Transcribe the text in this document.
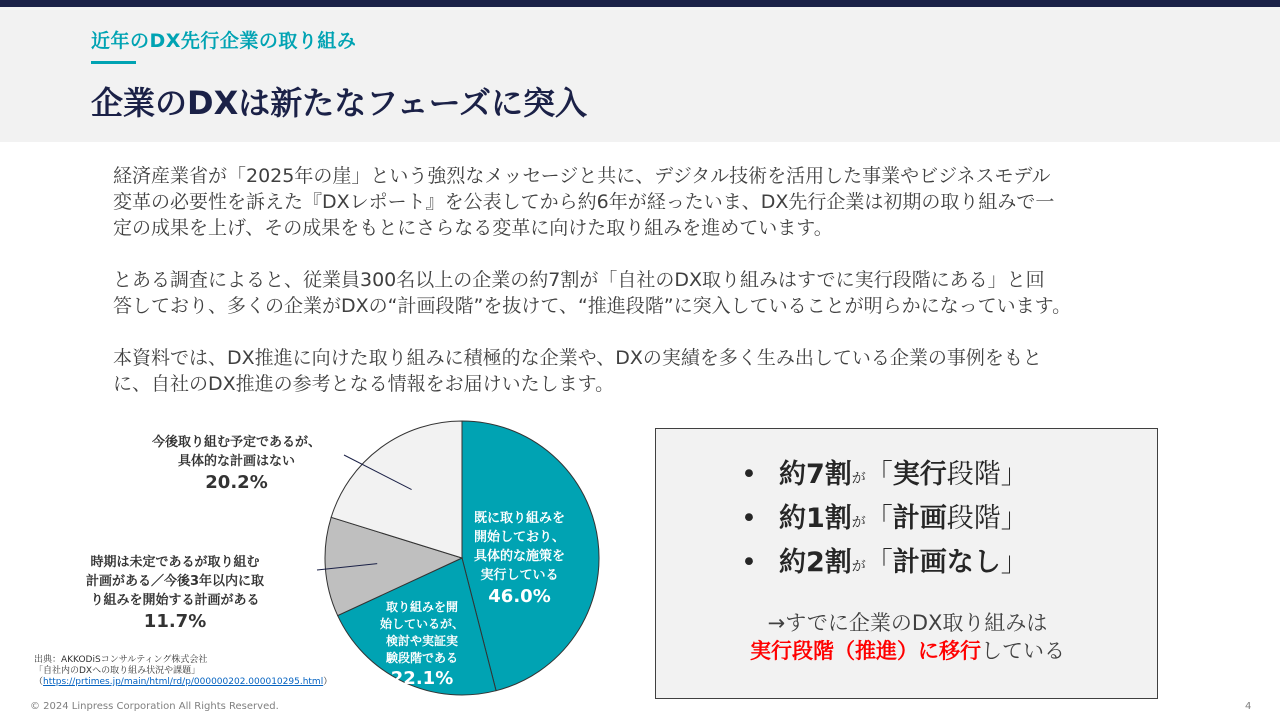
近年のDX先行企業の取り組み
企業のDXは新たなフェーズに突入

経済産業省が「2025年の崖」という強烈なメッセージと共に、デジタル技術を活用した事業やビジネスモデル
変革の必要性を訴えた『DXレポート』を公表してから約6年が経ったいま、DX先行企業は初期の取り組みで一
定の成果を上げ、その成果をもとにさらなる変革に向けた取り組みを進めています。

とある調査によると、従業員300名以上の企業の約7割が「自社のDX取り組みはすでに実行段階にある」と回
答しており、多くの企業がDXの“計画段階”を抜けて、“推進段階”に突入していることが明らかになっています。

本資料では、DX推進に向けた取り組みに積極的な企業や、DXの実績を多く生み出している企業の事例をもと
に、自社のDX推進の参考となる情報をお届けいたします。

今後取り組む予定であるが、
具体的な計画はない
20.2%
時期は未定であるが取り組む
計画がある／今後3年以内に取
り組みを開始する計画がある
11.7%
既に取り組みを
開始しており、
具体的な施策を
実行している
46.0%
取り組みを開
始しているが、
検討や実証実
験段階である
22.1%
出典：AKKODiSコンサルティング株式会社
「自社内のDXへの取り組み状況や課題」
（https://prtimes.jp/main/html/rd/p/000000202.000010295.html）
• 約7割が「実行段階」
• 約1割が「計画段階」
• 約2割が「計画なし」
→すでに企業のDX取り組みは
実行段階（推進）に移行している
© 2024 Linpress Corporation All Rights Reserved.	4
